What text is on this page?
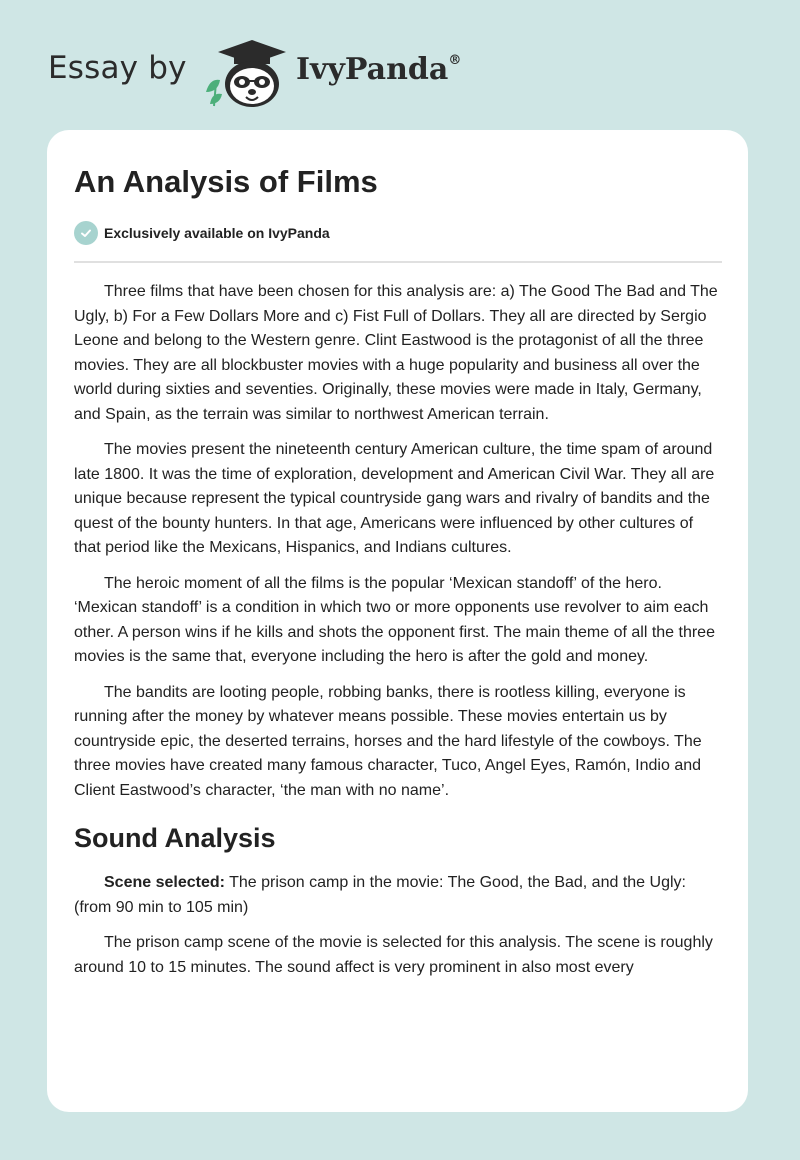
Essay by	IvyPanda®
An Analysis of Films
Exclusively available on IvyPanda

Three films that have been chosen for this analysis are: a) The Good The Bad and The Ugly, b) For a Few Dollars More and c) Fist Full of Dollars. They all are directed by Sergio Leone and belong to the Western genre. Clint Eastwood is the protagonist of all the three movies. They are all blockbuster movies with a huge popularity and business all over the world during sixties and seventies. Originally, these movies were made in Italy, Germany, and Spain, as the terrain was similar to northwest American terrain.

The movies present the nineteenth century American culture, the time spam of around late 1800. It was the time of exploration, development and American Civil War. They all are unique because represent the typical countryside gang wars and rivalry of bandits and the quest of the bounty hunters. In that age, Americans were influenced by other cultures of that period like the Mexicans, Hispanics, and Indians cultures.

The heroic moment of all the films is the popular ‘Mexican standoff’ of the hero. ‘Mexican standoff’ is a condition in which two or more opponents use revolver to aim each other. A person wins if he kills and shots the opponent first. The main theme of all the three movies is the same that, everyone including the hero is after the gold and money.

The bandits are looting people, robbing banks, there is rootless killing, everyone is running after the money by whatever means possible. These movies entertain us by countryside epic, the deserted terrains, horses and the hard lifestyle of the cowboys. The three movies have created many famous character, Tuco, Angel Eyes, Ramón, Indio and Client Eastwood’s character, ‘the man with no name’.

Sound Analysis

Scene selected: The prison camp in the movie: The Good, the Bad, and the Ugly: (from 90 min to 105 min)

The prison camp scene of the movie is selected for this analysis. The scene is roughly around 10 to 15 minutes. The sound affect is very prominent in also most every
